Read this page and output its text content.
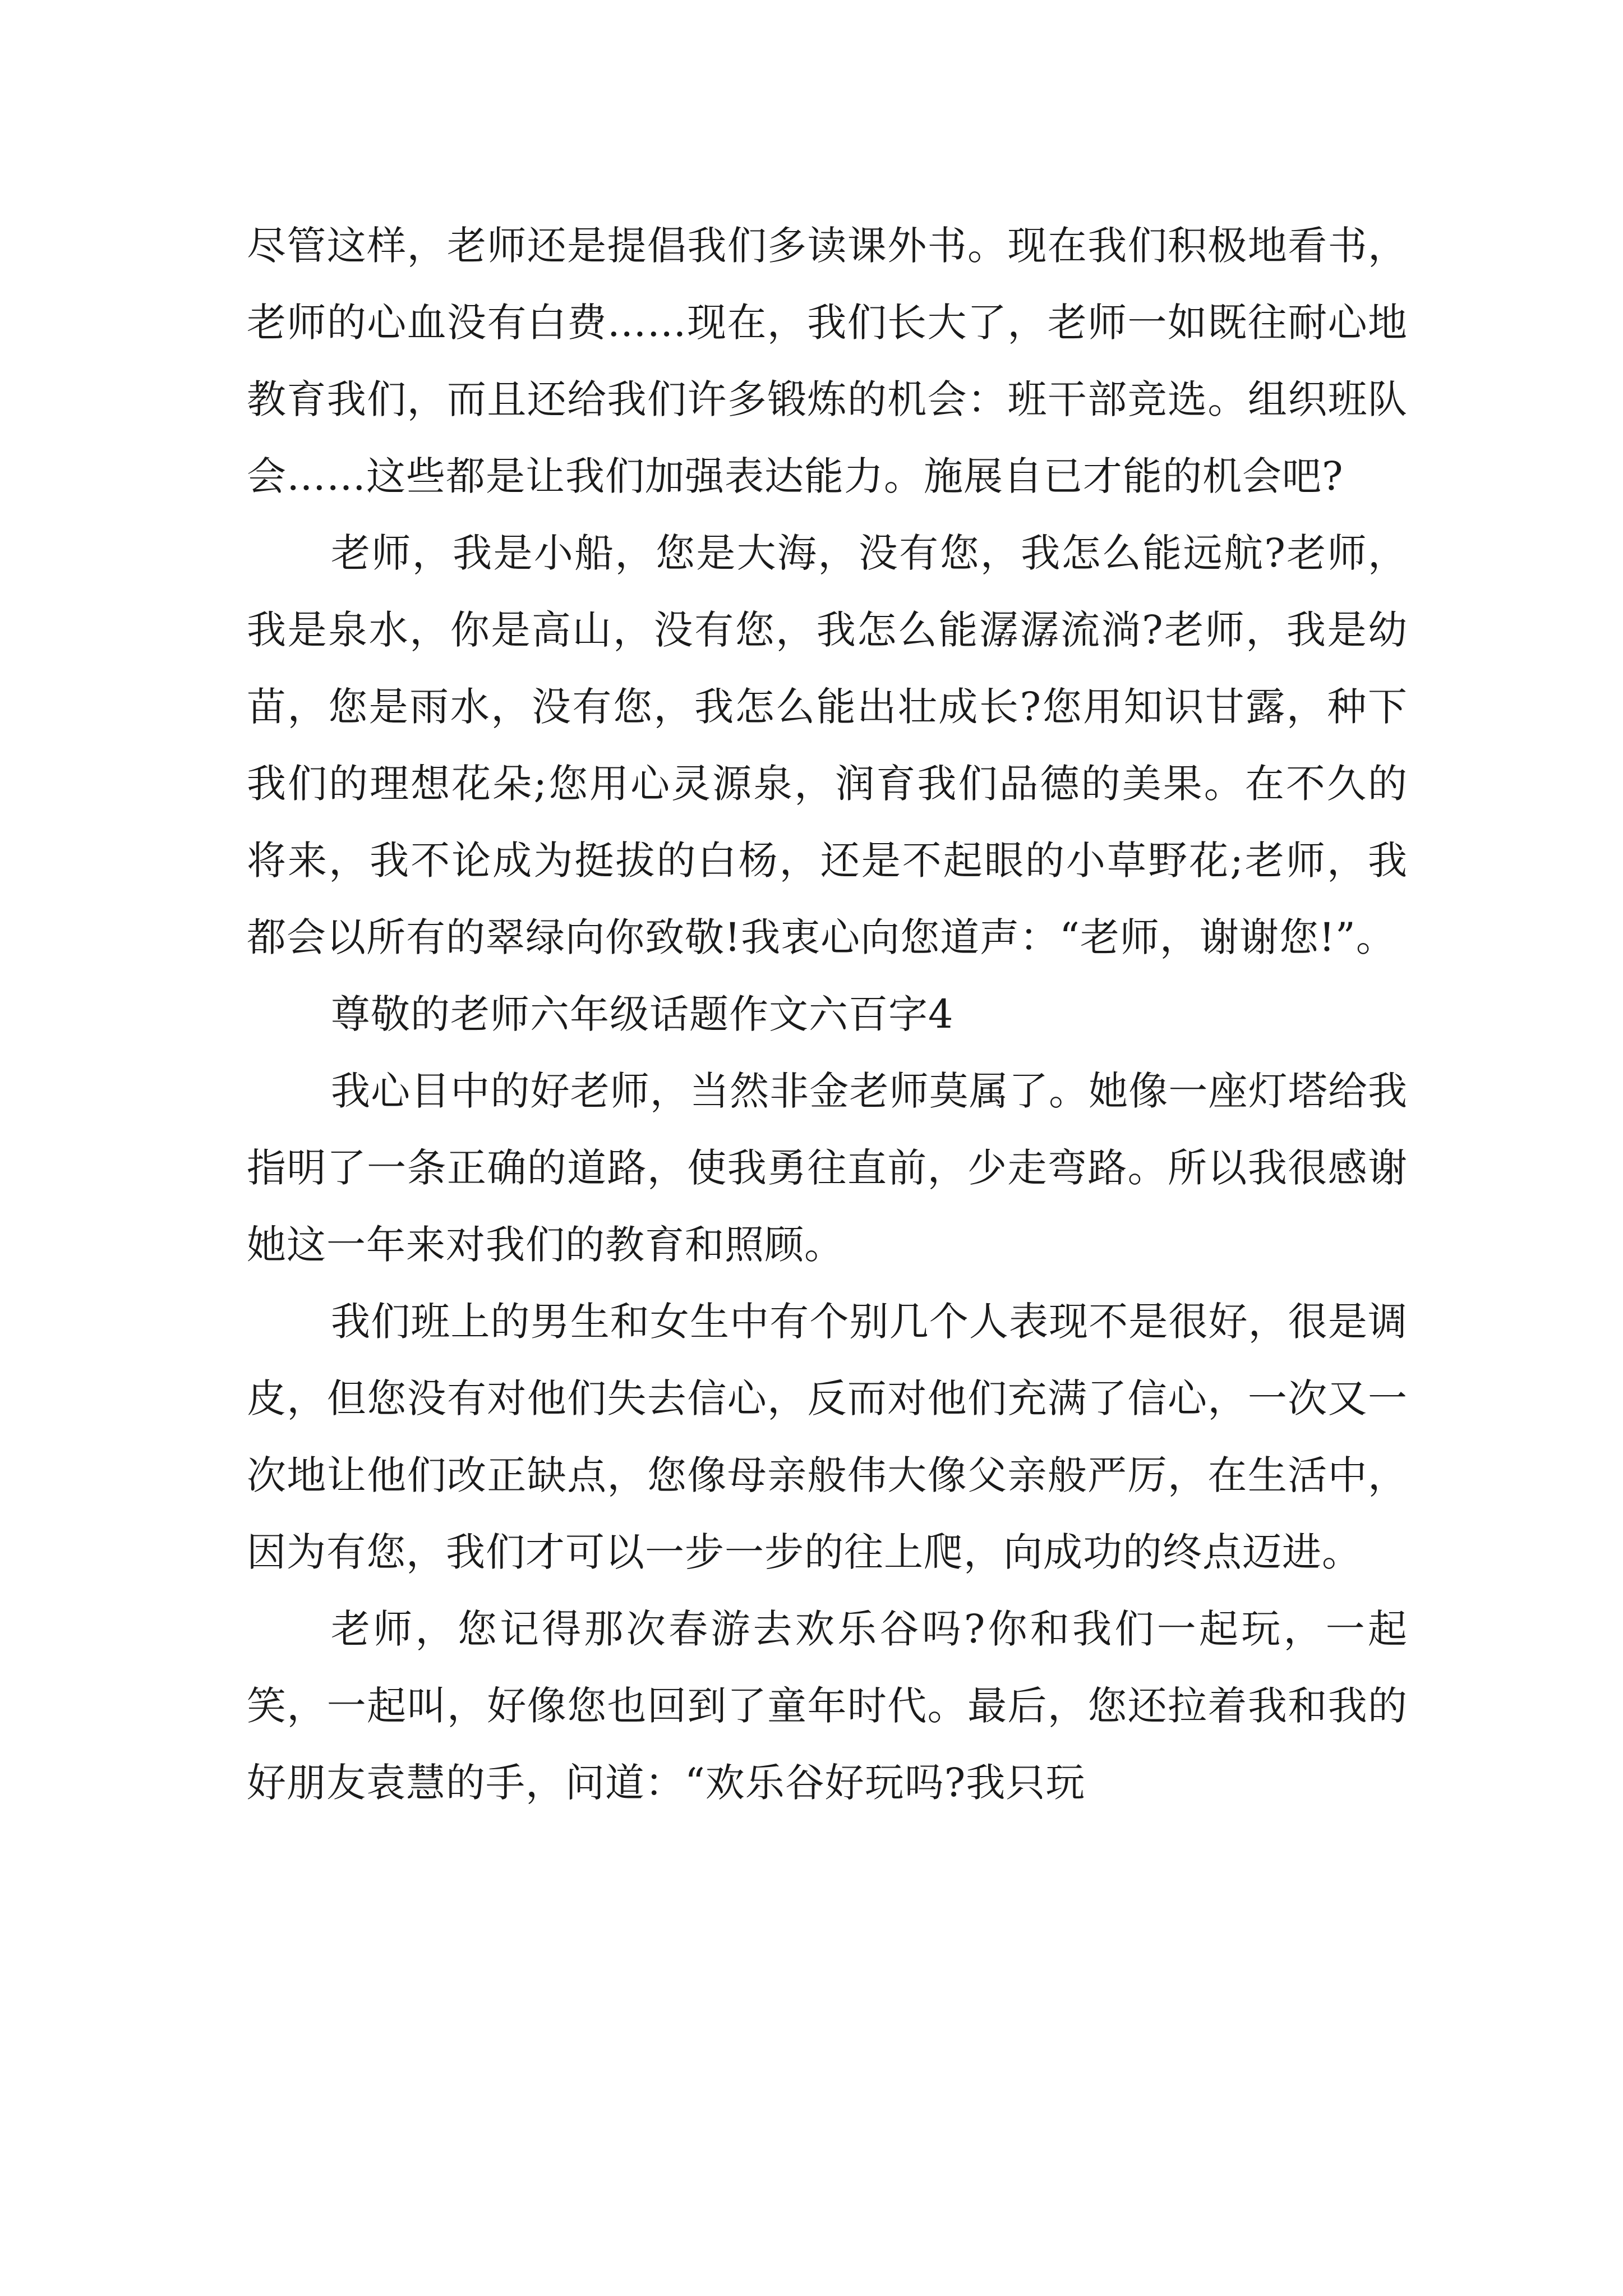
尽管这样，老师还是提倡我们多读课外书。现在我们积极地看书，老师的心血没有白费……现在，我们长大了，老师一如既往耐心地教育我们，而且还给我们许多锻炼的机会：班干部竞选。组织班队会……这些都是让我们加强表达能力。施展自已才能的机会吧?

老师，我是小船，您是大海，没有您，我怎么能远航?老师，我是泉水，你是高山，没有您，我怎么能潺潺流淌?老师，我是幼苗，您是雨水，没有您，我怎么能出壮成长?您用知识甘露，种下我们的理想花朵;您用心灵源泉，润育我们品德的美果。在不久的将来，我不论成为挺拔的白杨，还是不起眼的小草野花;老师，我都会以所有的翠绿向你致敬!我衷心向您道声：“老师，谢谢您!”。

尊敬的老师六年级话题作文六百字4

我心目中的好老师，当然非金老师莫属了。她像一座灯塔给我指明了一条正确的道路，使我勇往直前，少走弯路。所以我很感谢她这一年来对我们的教育和照顾。

我们班上的男生和女生中有个别几个人表现不是很好，很是调皮，但您没有对他们失去信心，反而对他们充满了信心，一次又一次地让他们改正缺点，您像母亲般伟大像父亲般严厉，在生活中，因为有您，我们才可以一步一步的往上爬，向成功的终点迈进。

老师，您记得那次春游去欢乐谷吗?你和我们一起玩，一起笑，一起叫，好像您也回到了童年时代。最后，您还拉着我和我的好朋友袁慧的手，问道：“欢乐谷好玩吗?我只玩
